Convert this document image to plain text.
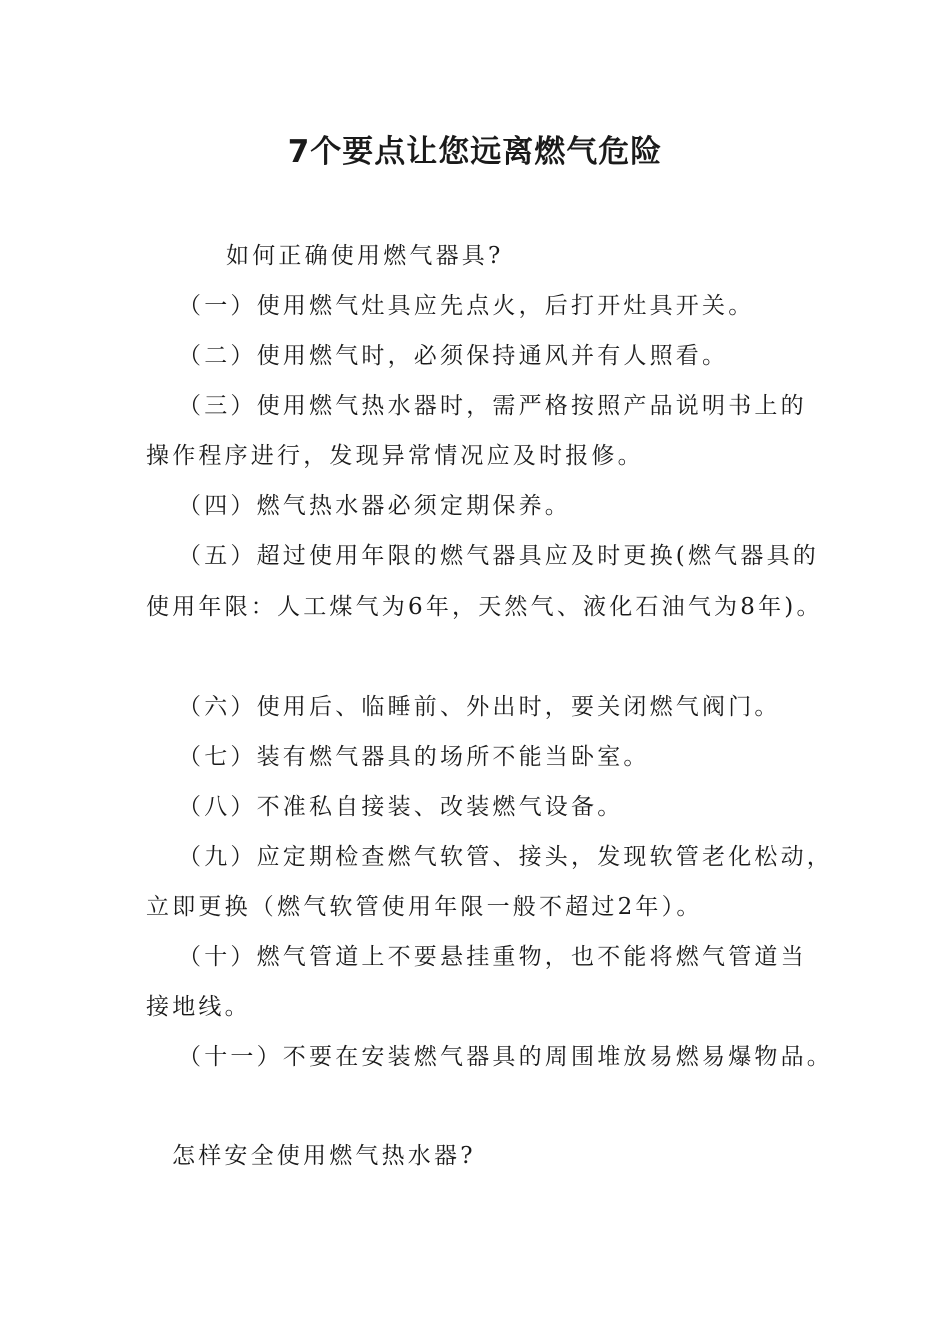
7个要点让您远离燃气危险

如何正确使用燃气器具?

（一）使用燃气灶具应先点火，后打开灶具开关。

（二）使用燃气时，必须保持通风并有人照看。

（三）使用燃气热水器时，需严格按照产品说明书上的

操作程序进行，发现异常情况应及时报修。

（四）燃气热水器必须定期保养。

（五）超过使用年限的燃气器具应及时更换(燃气器具的

使用年限：人工煤气为6年，天然气、液化石油气为8年)。

（六）使用后、临睡前、外出时，要关闭燃气阀门。

（七）装有燃气器具的场所不能当卧室。

（八）不准私自接装、改装燃气设备。

（九）应定期检查燃气软管、接头，发现软管老化松动，

立即更换（燃气软管使用年限一般不超过2年）。

（十）燃气管道上不要悬挂重物，也不能将燃气管道当

接地线。

（十一）不要在安装燃气器具的周围堆放易燃易爆物品。

怎样安全使用燃气热水器?
